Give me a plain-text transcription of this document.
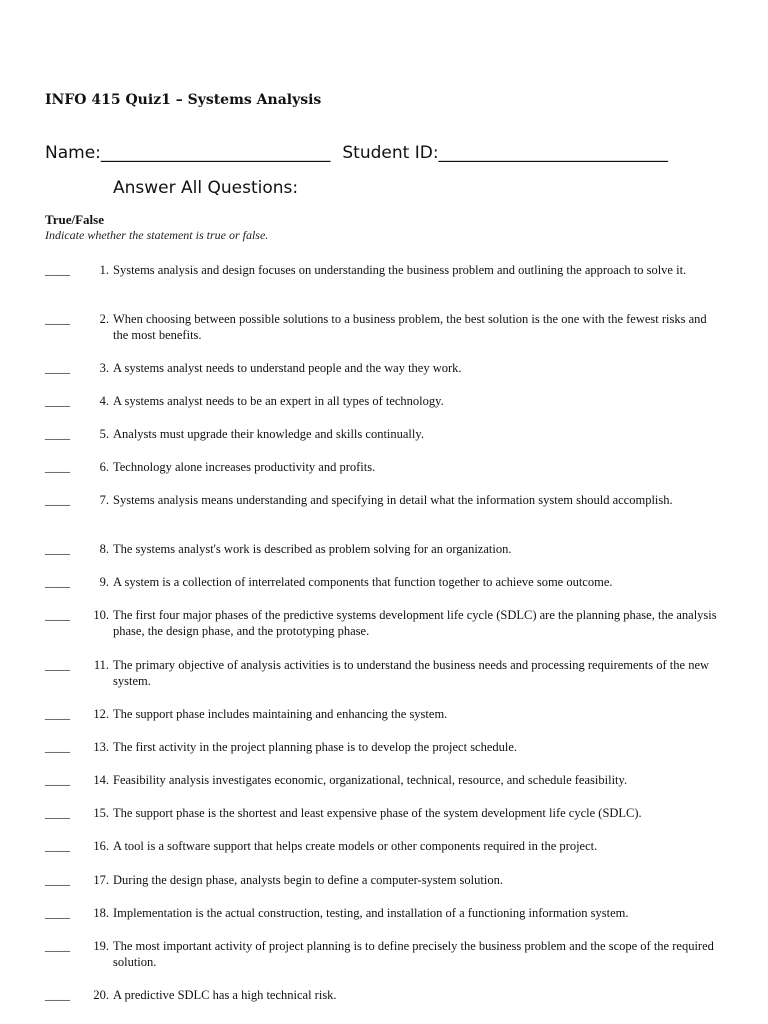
INFO 415 Quiz1 – Systems Analysis
Name:___________________________ Student ID:___________________________
Answer All Questions:
True/False
Indicate whether the statement is true or false.
____	1. Systems analysis and design focuses on understanding the business problem and outlining the approach to solve it.
____	2. When choosing between possible solutions to a business problem, the best solution is the one with the fewest risks and the most benefits.
____	3. A systems analyst needs to understand people and the way they work.
____	4. A systems analyst needs to be an expert in all types of technology.
____	5. Analysts must upgrade their knowledge and skills continually.
____	6. Technology alone increases productivity and profits.
____	7. Systems analysis means understanding and specifying in detail what the information system should accomplish.
____	8. The systems analyst's work is described as problem solving for an organization.
____	9. A system is a collection of interrelated components that function together to achieve some outcome.
____	10. The first four major phases of the predictive systems development life cycle (SDLC) are the planning phase, the analysis phase, the design phase, and the prototyping phase.
____	11. The primary objective of analysis activities is to understand the business needs and processing requirements of the new system.
____	12. The support phase includes maintaining and enhancing the system.
____	13. The first activity in the project planning phase is to develop the project schedule.
____	14. Feasibility analysis investigates economic, organizational, technical, resource, and schedule feasibility.
____	15. The support phase is the shortest and least expensive phase of the system development life cycle (SDLC).
____	16. A tool is a software support that helps create models or other components required in the project.
____	17. During the design phase, analysts begin to define a computer-system solution.
____	18. Implementation is the actual construction, testing, and installation of a functioning information system.
____	19. The most important activity of project planning is to define precisely the business problem and the scope of the required solution.
____	20. A predictive SDLC has a high technical risk.
